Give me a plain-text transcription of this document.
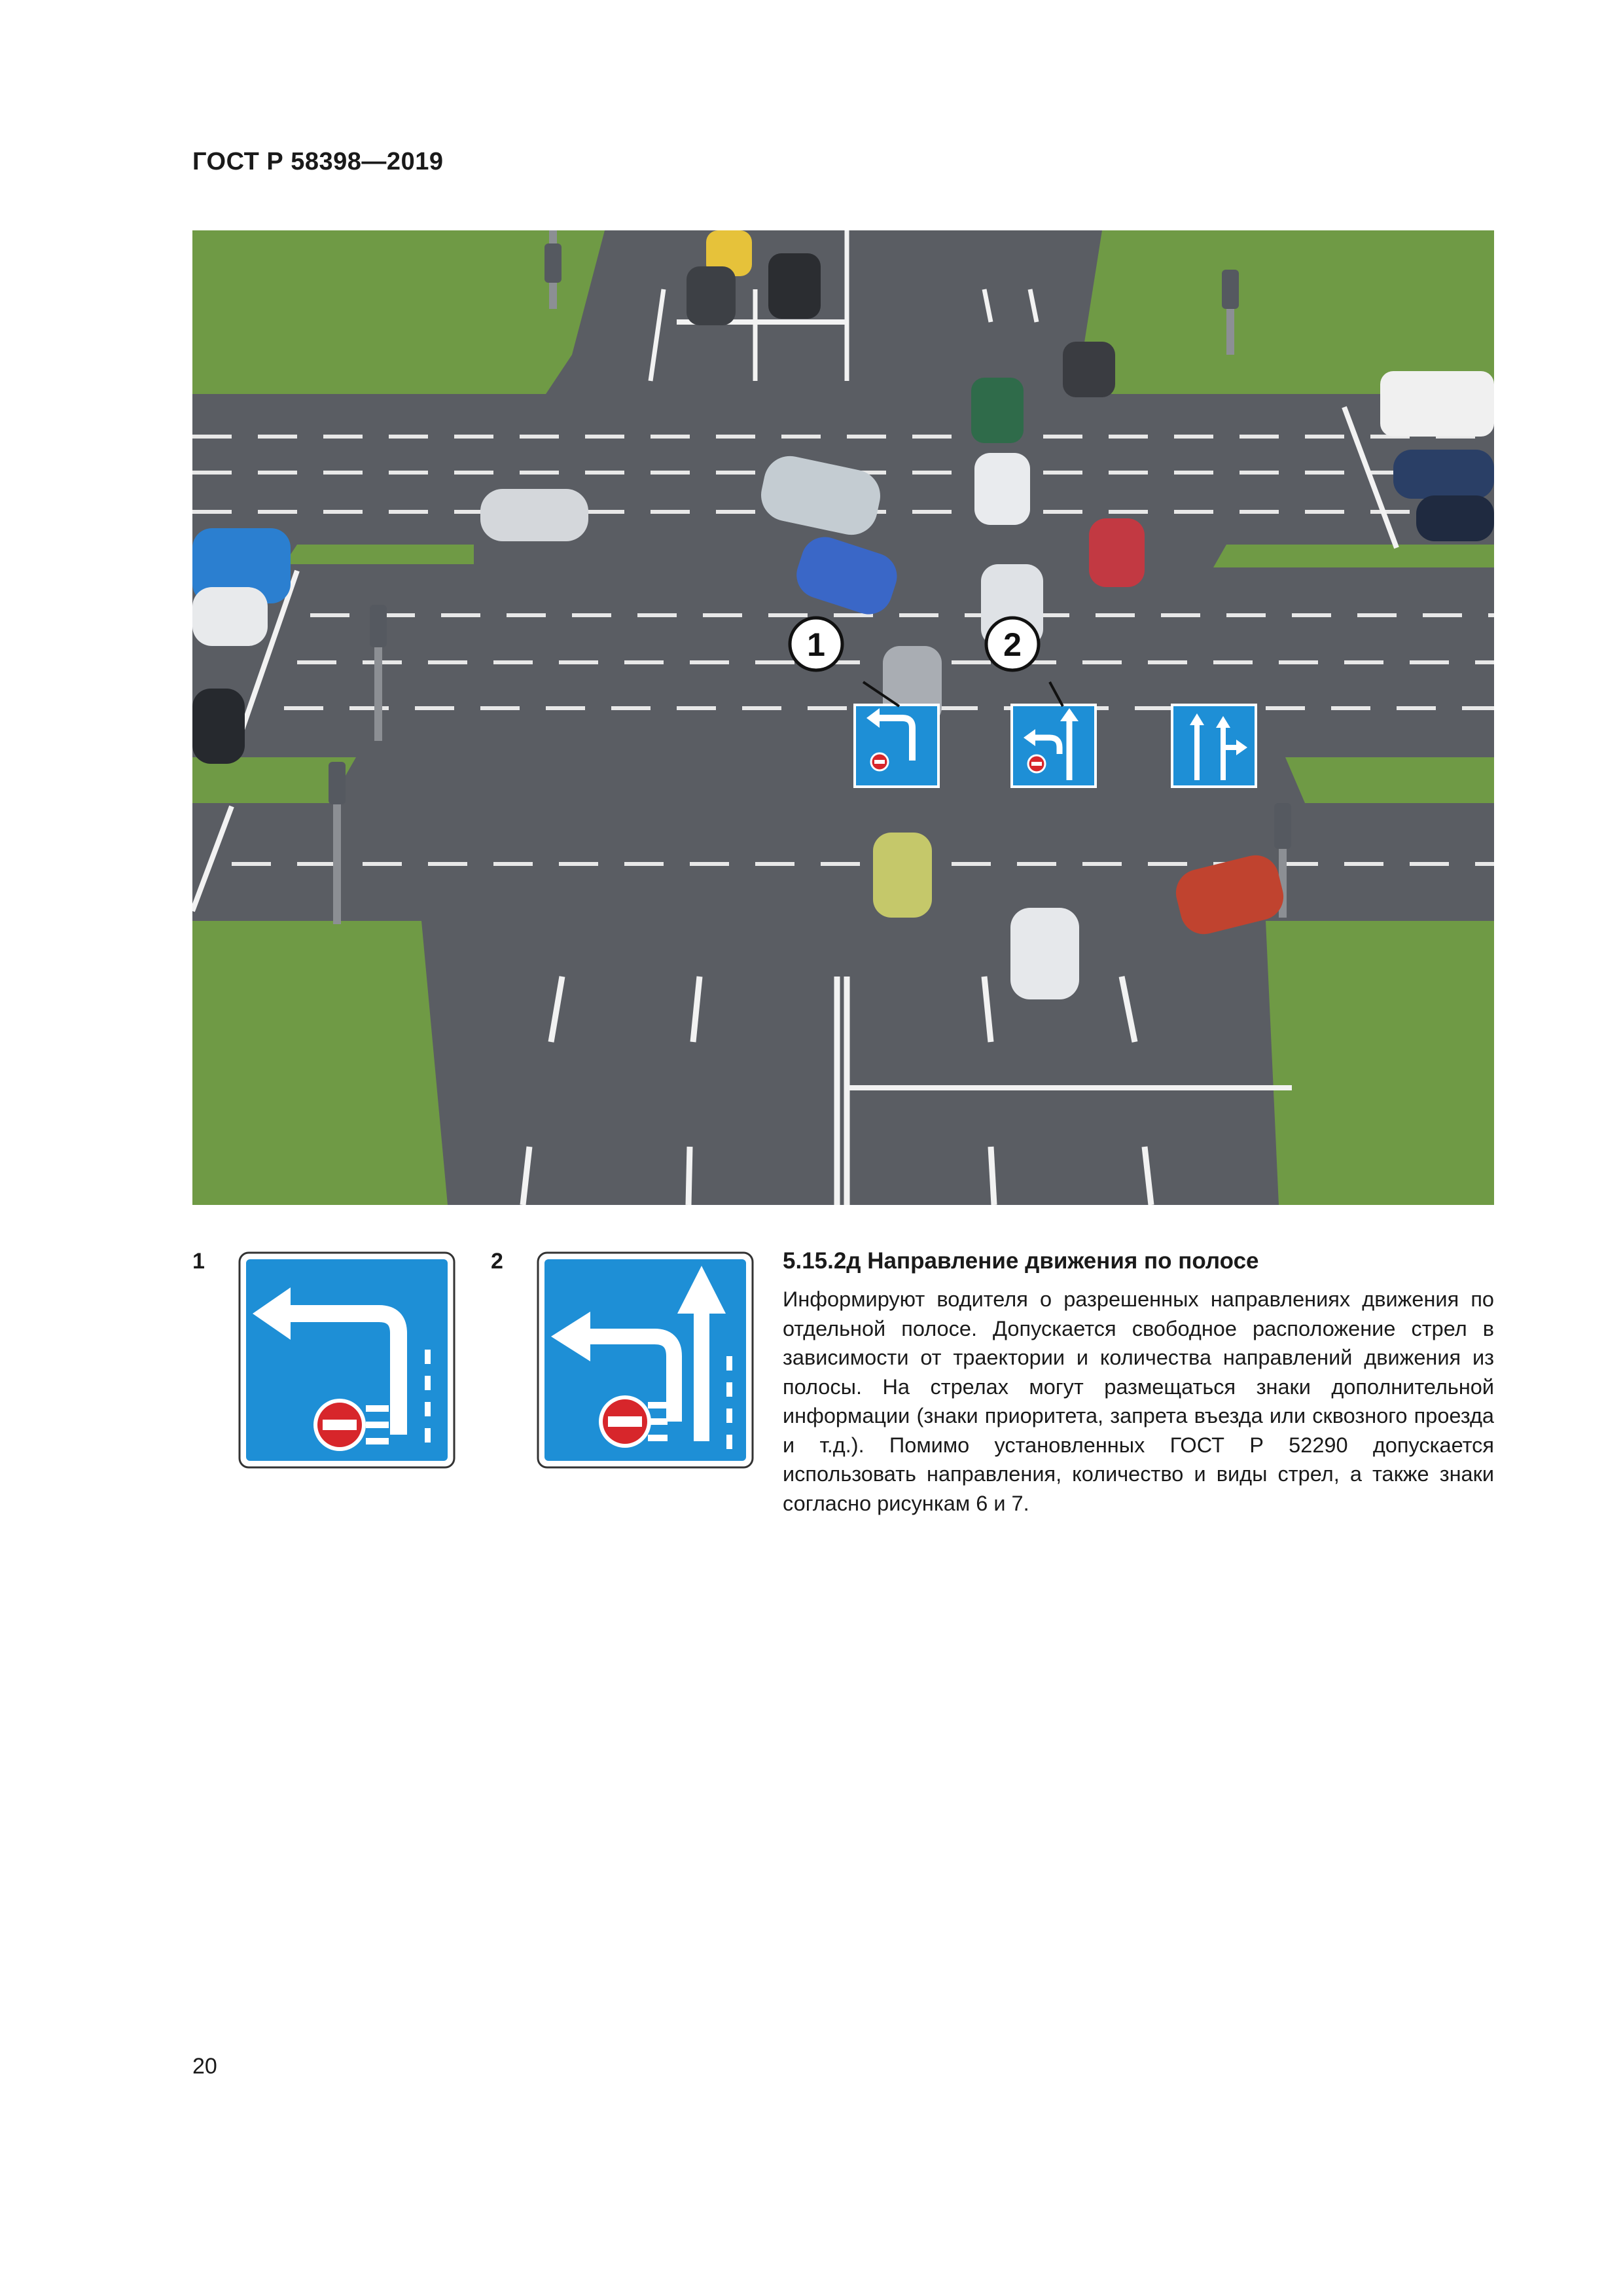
ГОСТ Р 58398—2019
1	2
1	2	5.15.2д Направление движения по полосе

Информируют водителя о разрешенных направлениях движения по отдельной полосе. Допускается свободное расположение стрел в зависимости от траектории и количества направлений движения из полосы. На стрелах могут размещаться знаки дополнительной информации (знаки приоритета, запрета въезда или сквозного проезда и т.д.). Помимо установленных ГОСТ Р 52290 допускается использовать направления, количество и виды стрел, а также знаки согласно рисункам 6 и 7.

20
